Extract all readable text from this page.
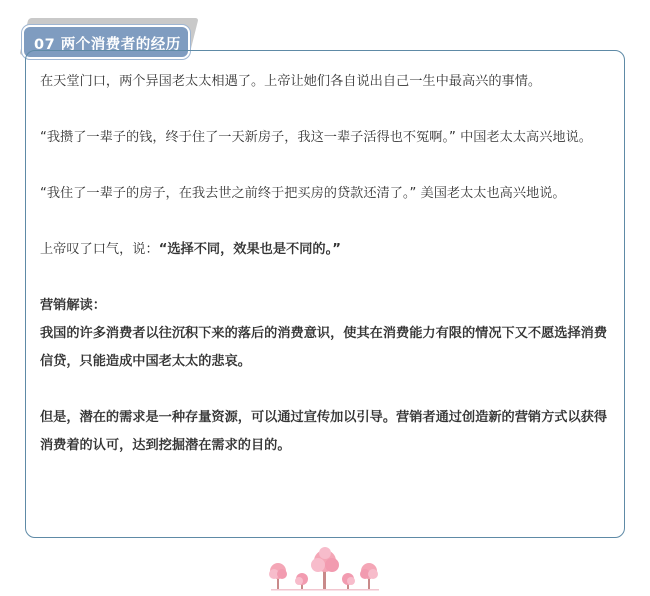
07 两个消费者的经历

在天堂门口，两个异国老太太相遇了。上帝让她们各自说出自己一生中最高兴的事情。

“我攒了一辈子的钱，终于住了一天新房子，我这一辈子活得也不冤啊。” 中国老太太高兴地说。

“我住了一辈子的房子，在我去世之前终于把买房的贷款还清了。” 美国老太太也高兴地说。

上帝叹了口气，说：“选择不同，效果也是不同的。”

营销解读：

我国的许多消费者以往沉积下来的落后的消费意识，使其在消费能力有限的情况下又不愿选择消费信贷，只能造成中国老太太的悲哀。

但是，潜在的需求是一种存量资源，可以通过宣传加以引导。营销者通过创造新的营销方式以获得消费着的认可，达到挖掘潜在需求的目的。
